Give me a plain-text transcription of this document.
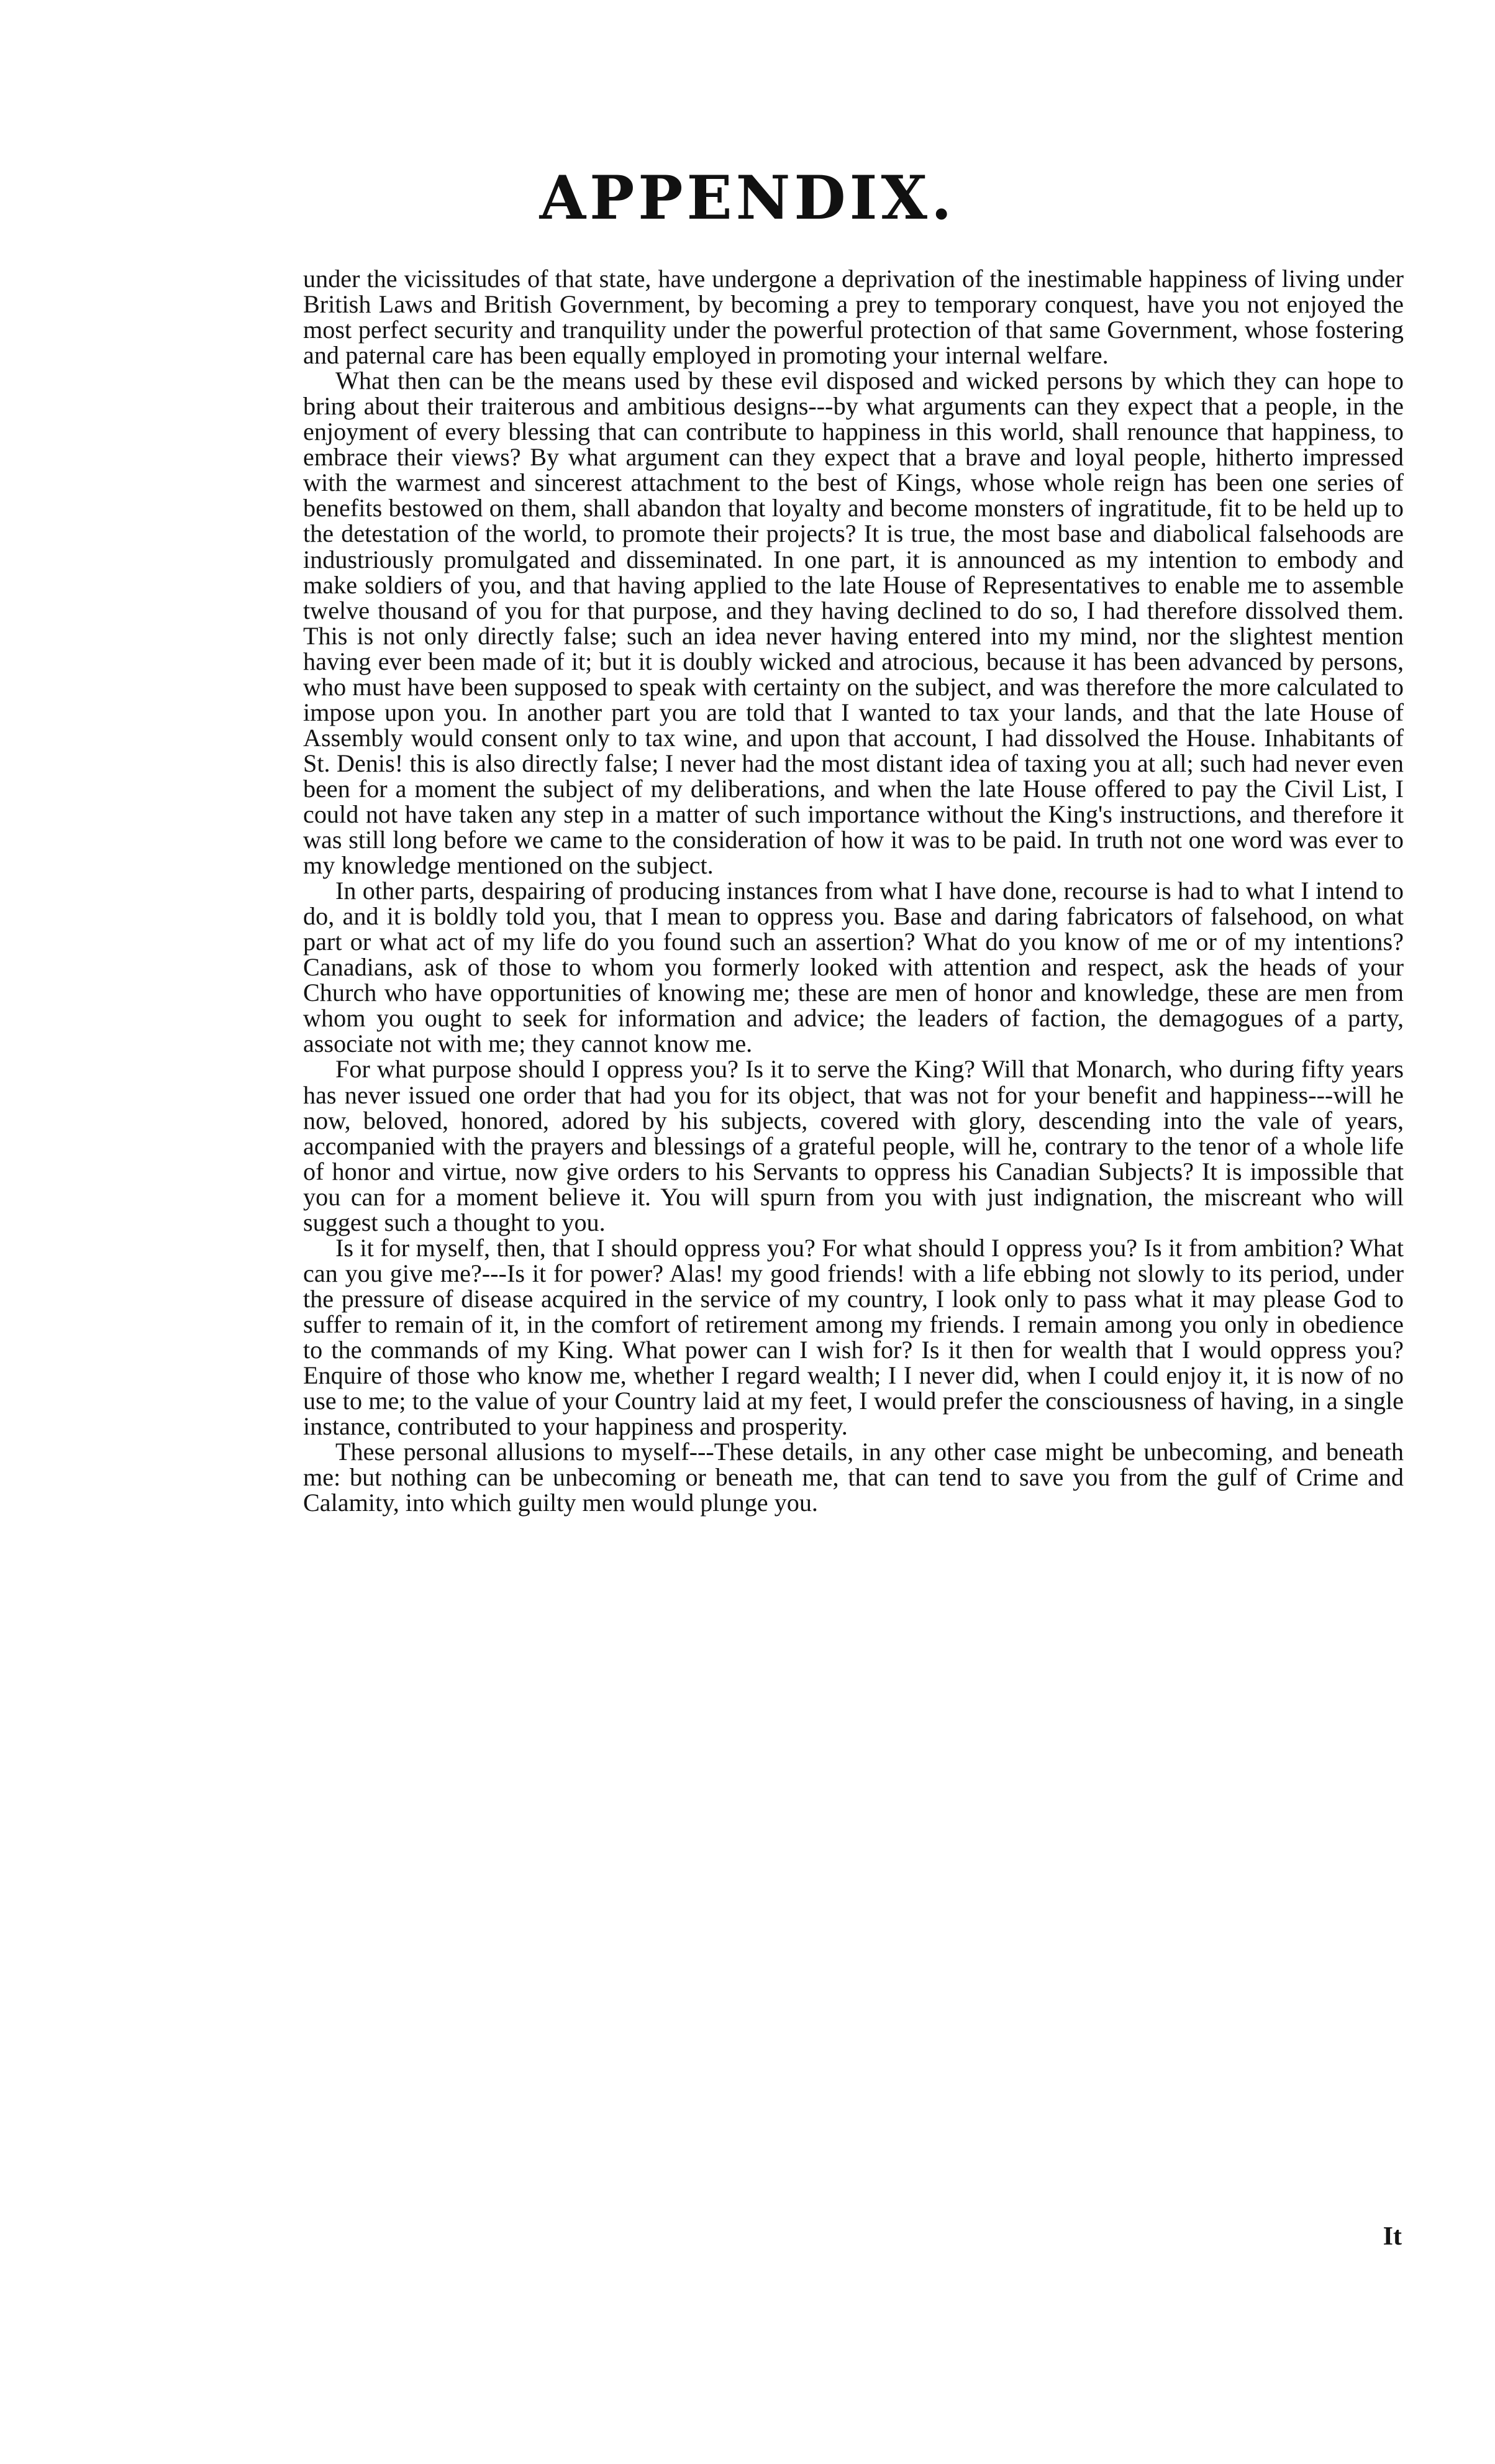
APPENDIX.

under the vicissitudes of that state, have undergone a deprivation of the inestimable happiness of living under British Laws and British Government, by becoming a prey to temporary conquest, have you not enjoyed the most perfect security and tranquility under the powerful protection of that same Government, whose fostering and paternal care has been equally employed in promoting your internal welfare.

What then can be the means used by these evil disposed and wicked persons by which they can hope to bring about their traiterous and ambitious designs---by what arguments can they expect that a people, in the enjoyment of every blessing that can contribute to happiness in this world, shall renounce that happiness, to embrace their views? By what argument can they expect that a brave and loyal people, hitherto impressed with the warmest and sincerest attachment to the best of Kings, whose whole reign has been one series of benefits bestowed on them, shall abandon that loyalty and become monsters of ingratitude, fit to be held up to the detestation of the world, to promote their projects? It is true, the most base and diabolical falsehoods are industriously promulgated and disseminated. In one part, it is announced as my intention to embody and make soldiers of you, and that having applied to the late House of Representatives to enable me to assemble twelve thousand of you for that purpose, and they having declined to do so, I had therefore dissolved them. This is not only directly false; such an idea never having entered into my mind, nor the slightest mention having ever been made of it; but it is doubly wicked and atrocious, because it has been advanced by persons, who must have been supposed to speak with certainty on the subject, and was therefore the more calculated to impose upon you. In another part you are told that I wanted to tax your lands, and that the late House of Assembly would consent only to tax wine, and upon that account, I had dissolved the House. Inhabitants of St. Denis! this is also directly false; I never had the most distant idea of taxing you at all; such had never even been for a moment the subject of my deliberations, and when the late House offered to pay the Civil List, I could not have taken any step in a matter of such importance without the King's instructions, and therefore it was still long before we came to the consideration of how it was to be paid. In truth not one word was ever to my knowledge mentioned on the subject.

In other parts, despairing of producing instances from what I have done, recourse is had to what I intend to do, and it is boldly told you, that I mean to oppress you. Base and daring fabricators of falsehood, on what part or what act of my life do you found such an assertion? What do you know of me or of my intentions? Canadians, ask of those to whom you formerly looked with attention and respect, ask the heads of your Church who have opportunities of knowing me; these are men of honor and knowledge, these are men from whom you ought to seek for information and advice; the leaders of faction, the demagogues of a party, associate not with me; they cannot know me.

For what purpose should I oppress you? Is it to serve the King? Will that Monarch, who during fifty years has never issued one order that had you for its object, that was not for your benefit and happiness---will he now, beloved, honored, adored by his subjects, covered with glory, descending into the vale of years, accompanied with the prayers and blessings of a grateful people, will he, contrary to the tenor of a whole life of honor and virtue, now give orders to his Servants to oppress his Canadian Subjects? It is impossible that you can for a moment believe it. You will spurn from you with just indignation, the miscreant who will suggest such a thought to you.

Is it for myself, then, that I should oppress you? For what should I oppress you? Is it from ambition? What can you give me?---Is it for power? Alas! my good friends! with a life ebbing not slowly to its period, under the pressure of disease acquired in the service of my country, I look only to pass what it may please God to suffer to remain of it, in the comfort of retirement among my friends. I remain among you only in obedience to the commands of my King. What power can I wish for? Is it then for wealth that I would oppress you? Enquire of those who know me, whether I regard wealth; I I never did, when I could enjoy it, it is now of no use to me; to the value of your Country laid at my feet, I would prefer the consciousness of having, in a single instance, contributed to your happiness and prosperity.

These personal allusions to myself---These details, in any other case might be unbecoming, and beneath me: but nothing can be unbecoming or beneath me, that can tend to save you from the gulf of Crime and Calamity, into which guilty men would plunge you.

It
